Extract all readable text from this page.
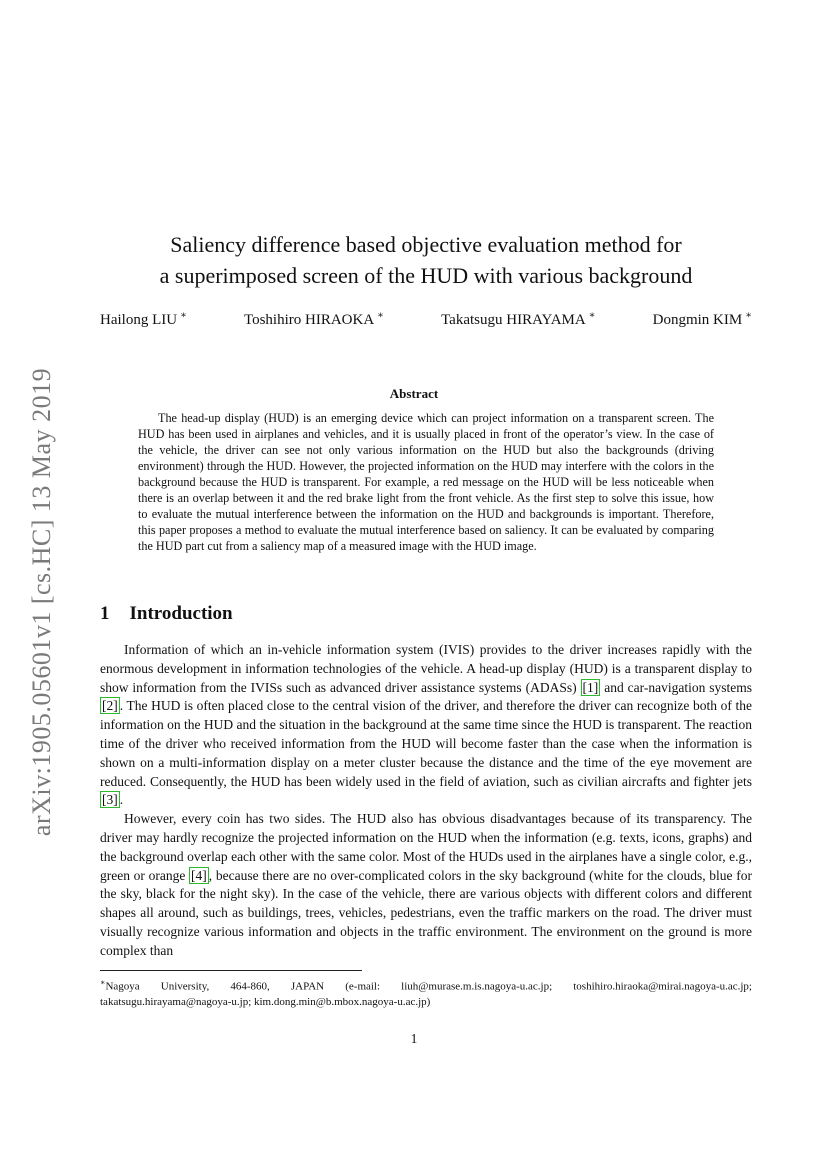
arXiv:1905.05601v1 [cs.HC] 13 May 2019
Saliency difference based objective evaluation method for
a superimposed screen of the HUD with various background
Hailong LIU ∗	Toshihiro HIRAOKA ∗	Takatsugu HIRAYAMA ∗	Dongmin KIM ∗
Abstract

The head-up display (HUD) is an emerging device which can project information on a transparent screen. The HUD has been used in airplanes and vehicles, and it is usually placed in front of the operator’s view. In the case of the vehicle, the driver can see not only various information on the HUD but also the backgrounds (driving environment) through the HUD. However, the projected information on the HUD may interfere with the colors in the background because the HUD is transparent. For example, a red message on the HUD will be less noticeable when there is an overlap between it and the red brake light from the front vehicle. As the first step to solve this issue, how to evaluate the mutual interference between the information on the HUD and backgrounds is important. Therefore, this paper proposes a method to evaluate the mutual interference based on saliency. It can be evaluated by comparing the HUD part cut from a saliency map of a measured image with the HUD image.

1 Introduction

Information of which an in-vehicle information system (IVIS) provides to the driver increases rapidly with the enormous development in information technologies of the vehicle. A head-up display (HUD) is a transparent display to show information from the IVISs such as advanced driver assistance systems (ADASs) [1] and car-navigation systems [2] . The HUD is often placed close to the central vision of the driver, and therefore the driver can recognize both of the information on the HUD and the situation in the background at the same time since the HUD is transparent. The reaction time of the driver who received information from the HUD will become faster than the case when the information is shown on a multi-information display on a meter cluster because the distance and the time of the eye movement are reduced. Consequently, the HUD has been widely used in the field of aviation, such as civilian aircrafts and fighter jets [3] .

However, every coin has two sides. The HUD also has obvious disadvantages because of its transparency. The driver may hardly recognize the projected information on the HUD when the information (e.g. texts, icons, graphs) and the background overlap each other with the same color. Most of the HUDs used in the airplanes have a single color, e.g., green or orange [4] , because there are no over-complicated colors in the sky background (white for the clouds, blue for the sky, black for the night sky). In the case of the vehicle, there are various objects with different colors and different shapes all around, such as buildings, trees, vehicles, pedestrians, even the traffic markers on the road. The driver must visually recognize various information and objects in the traffic environment. The environment on the ground is more complex than

∗Nagoya University, 464-860, JAPAN (e-mail: liuh@murase.m.is.nagoya-u.ac.jp; toshihiro.hiraoka@mirai.nagoya-u.ac.jp; takatsugu.hirayama@nagoya-u.jp; kim.dong.min@b.mbox.nagoya-u.ac.jp)

1
